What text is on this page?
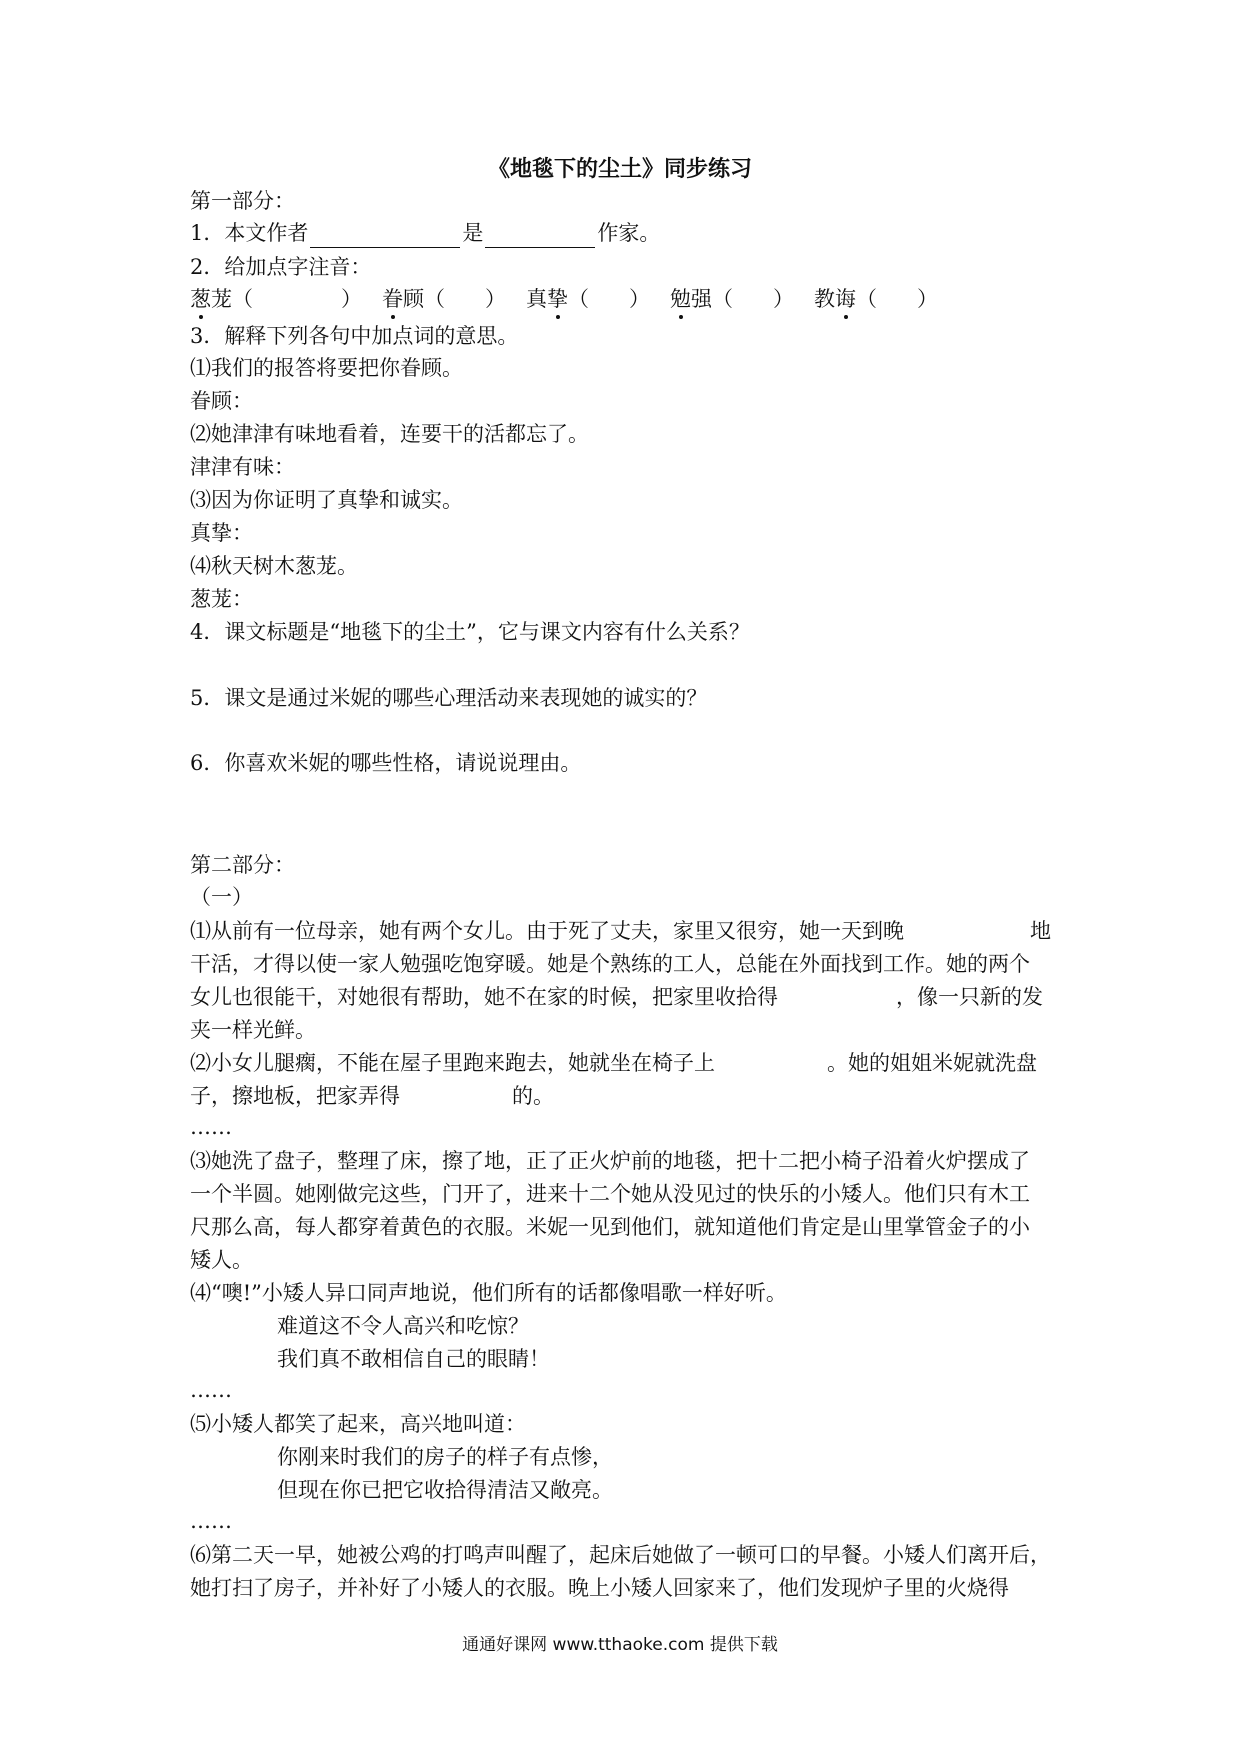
《地毯下的尘土》同步练习
第一部分：
1．本文作者	是	作家。
2．给加点字注音：
葱茏（	） 眷顾（ ） 真挚（ ） 勉强（ ） 教诲（ ）
3．解释下列各句中加点词的意思。
⑴我们的报答将要把你眷顾。
眷顾：
⑵她津津有味地看着，连要干的活都忘了。
津津有味：
⑶因为你证明了真挚和诚实。
真挚：
⑷秋天树木葱茏。
葱茏：
4．课文标题是“地毯下的尘土”，它与课文内容有什么关系？
5．课文是通过米妮的哪些心理活动来表现她的诚实的？
6．你喜欢米妮的哪些性格，请说说理由。
第二部分：
（一）
⑴从前有一位母亲，她有两个女儿。由于死了丈夫，家里又很穷，她一天到晚	地
干活，才得以使一家人勉强吃饱穿暖。她是个熟练的工人，总能在外面找到工作。她的两个
女儿也很能干，对她很有帮助，她不在家的时候，把家里收拾得	，像一只新的发
夹一样光鲜。
⑵小女儿腿瘸，不能在屋子里跑来跑去，她就坐在椅子上	。她的姐姐米妮就洗盘
子，擦地板，把家弄得	的。
……
⑶她洗了盘子，整理了床，擦了地，正了正火炉前的地毯，把十二把小椅子沿着火炉摆成了
一个半圆。她刚做完这些，门开了，进来十二个她从没见过的快乐的小矮人。他们只有木工
尺那么高，每人都穿着黄色的衣服。米妮一见到他们，就知道他们肯定是山里掌管金子的小
矮人。
⑷“噢!”小矮人异口同声地说，他们所有的话都像唱歌一样好听。
难道这不令人高兴和吃惊？
我们真不敢相信自己的眼睛！
……
⑸小矮人都笑了起来，高兴地叫道：
你刚来时我们的房子的样子有点惨，
但现在你已把它收拾得清洁又敞亮。
……
⑹第二天一早，她被公鸡的打鸣声叫醒了，起床后她做了一顿可口的早餐。小矮人们离开后，
她打扫了房子，并补好了小矮人的衣服。晚上小矮人回家来了，他们发现炉子里的火烧得
通通好课网 www.tthaoke.com 提供下载
